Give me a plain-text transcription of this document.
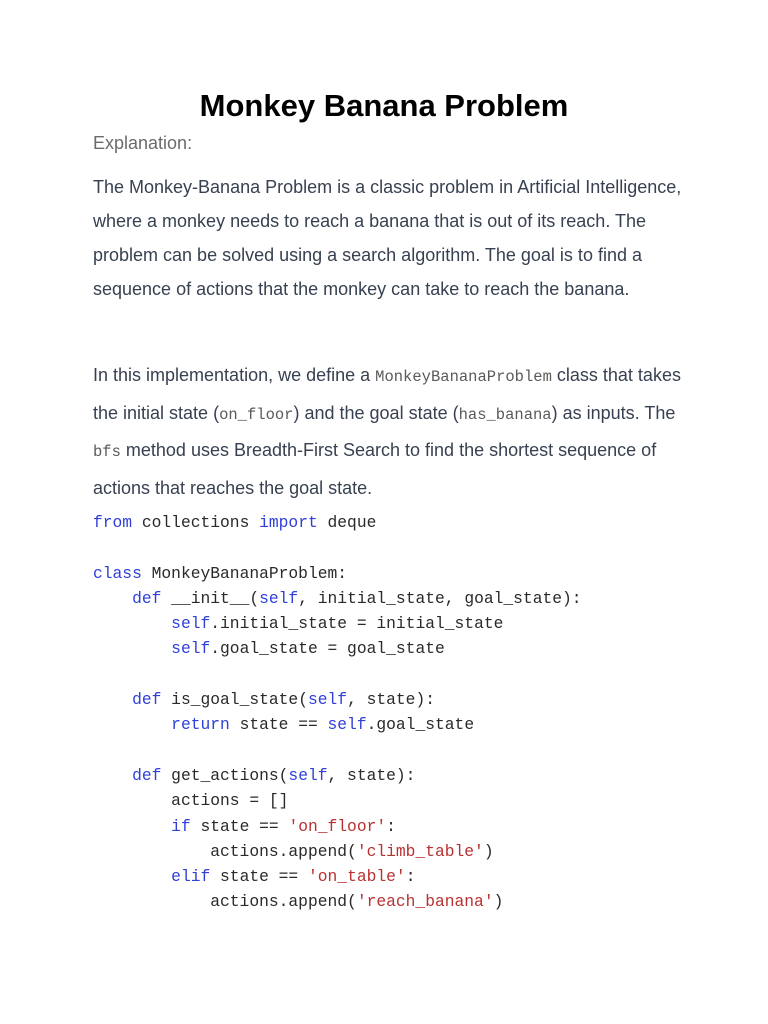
Monkey Banana Problem

Explanation:

The Monkey-Banana Problem is a classic problem in Artificial Intelligence, where a monkey needs to reach a banana that is out of its reach. The problem can be solved using a search algorithm. The goal is to find a sequence of actions that the monkey can take to reach the banana.

In this implementation, we define a MonkeyBananaProblem class that takes the initial state (on_floor) and the goal state (has_banana) as inputs. The bfs method uses Breadth-First Search to find the shortest sequence of actions that reaches the goal state.

from collections import deque

class MonkeyBananaProblem:
def __init__(self, initial_state, goal_state):
self.initial_state = initial_state
self.goal_state = goal_state

def is_goal_state(self, state):
return state == self.goal_state

def get_actions(self, state):
actions = []
if state == 'on_floor':
actions.append('climb_table')
elif state == 'on_table':
actions.append('reach_banana')
